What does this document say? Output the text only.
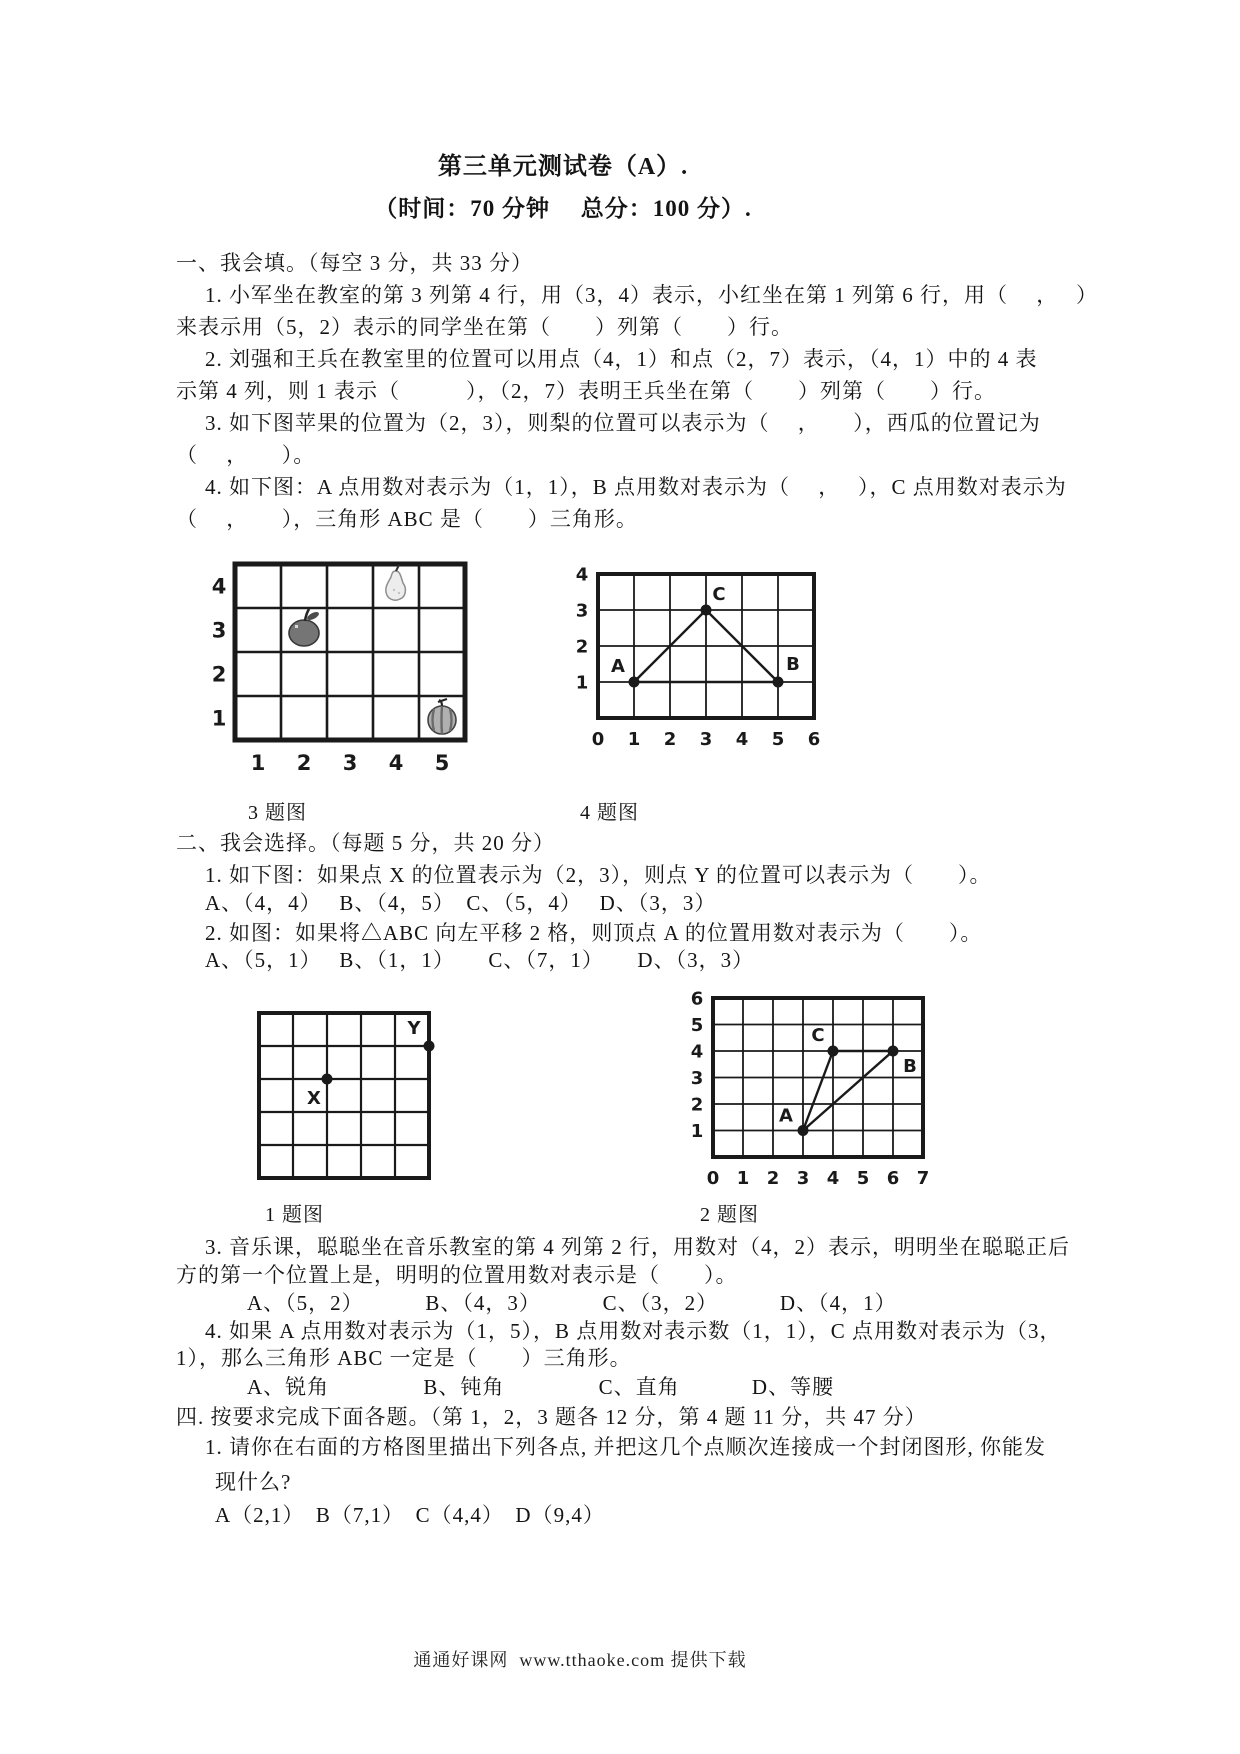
第三单元测试卷（A）.

（时间：70 分钟　 总分：100 分）.

一、我会填。（每空 3 分，共 33 分）

1. 小军坐在教室的第 3 列第 4 行，用（3，4）表示，小红坐在第 1 列第 6 行，用（　 ，　 ）

来表示用（5，2）表示的同学坐在第（　　）列第（　　）行。

2. 刘强和王兵在教室里的位置可以用点（4，1）和点（2，7）表示，（4，1）中的 4 表

示第 4 列，则 1 表示（　　　），（2，7）表明王兵坐在第（　　）列第（　　）行。

3. 如下图苹果的位置为（2，3），则梨的位置可以表示为（　 ，　　），西瓜的位置记为

（　 ，　　）。

4. 如下图：A 点用数对表示为（1，1），B 点用数对表示为（　 ，　 ），C 点用数对表示为

（　 ，　　），三角形 ABC 是（　　）三角形。

1 2 3 4 5
4
3
2
1
0 1 2 3 4 5 6
4
3
2
1
A	B
C

3 题图	4 题图

二、我会选择。（每题 5 分，共 20 分）

1. 如下图：如果点 X 的位置表示为（2，3），则点 Y 的位置可以表示为（　　）。

A、（4，4）　 B、（4，5）　C、（5，4）　 D、（3，3）

2. 如图：如果将△ABC 向左平移 2 格，则顶点 A 的位置用数对表示为（　　）。

A、（5，1）　 B、（1，1）　　C、（7，1）　　D、（3，3）

X
Y
0 1 2 3 4 5 6 7
6
5
4
3
2
1
A
C
B

1 题图	2 题图

3. 音乐课，聪聪坐在音乐教室的第 4 列第 2 行，用数对（4，2）表示，明明坐在聪聪正后

方的第一个位置上是，明明的位置用数对表示是（　　）。

A、（5，2）　　　 B、（4，3）　　　 C、（3，2）　　　 D、（4，1）

4. 如果 A 点用数对表示为（1，5），B 点用数对表示数（1，1），C 点用数对表示为（3，

1），那么三角形 ABC 一定是（　　）三角形。

A、锐角　　　　 B、钝角　　　　 C、直角　　　 D、等腰

四. 按要求完成下面各题。（第 1，2，3 题各 12 分，第 4 题 11 分，共 47 分）

1. 请你在右面的方格图里描出下列各点, 并把这几个点顺次连接成一个封闭图形, 你能发

现什么?

A（2,1）　B（7,1）　C（4,4）　D（9,4）

通通好课网  www.tthaoke.com 提供下载
